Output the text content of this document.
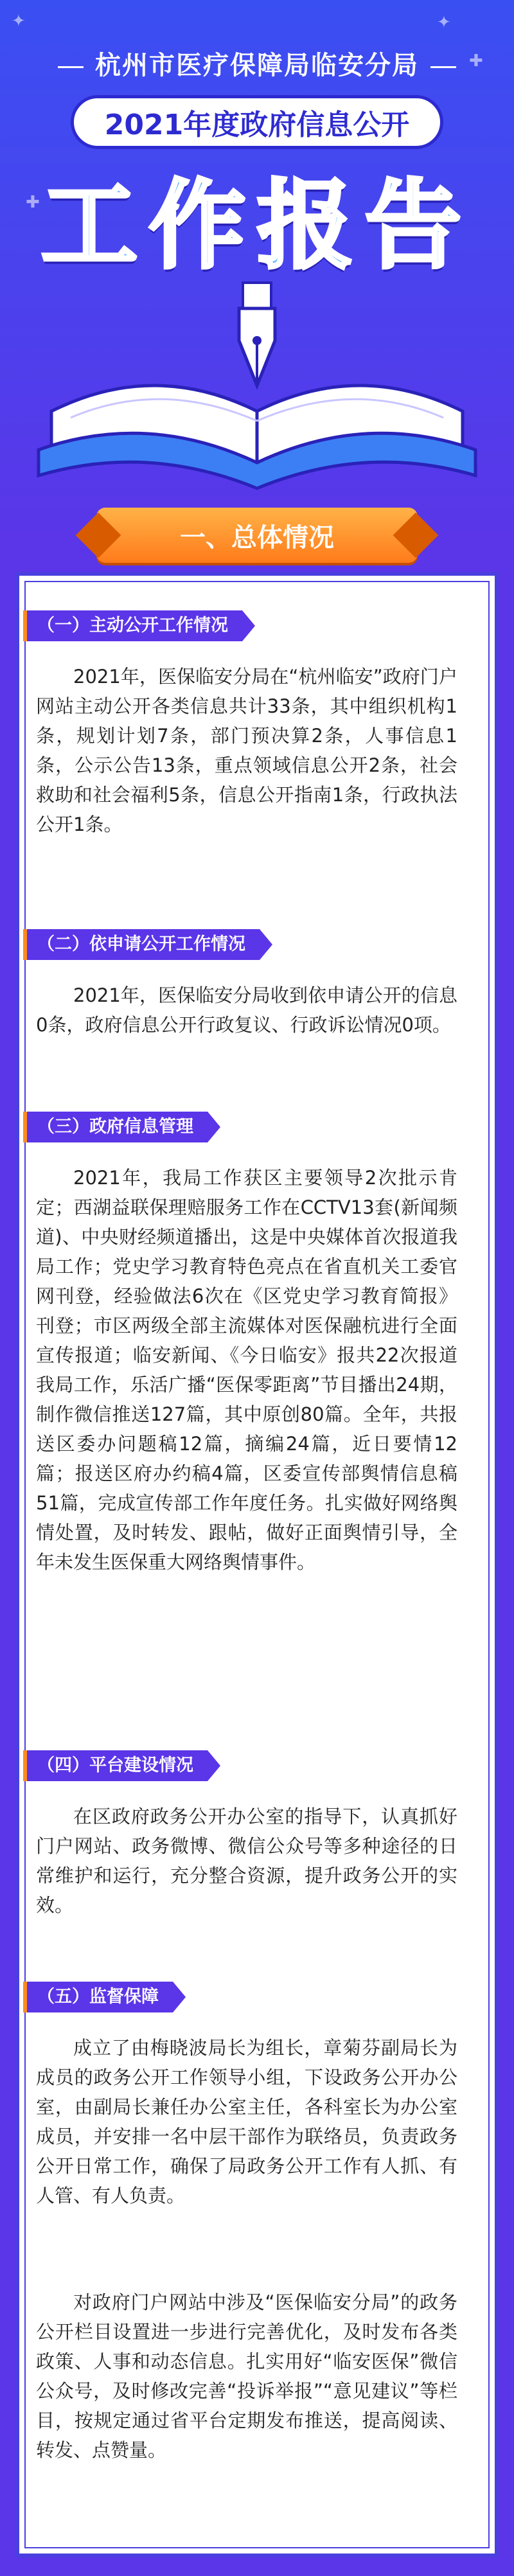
✦
✚
✦
✚
杭州市医疗保障局临安分局
2021年度政府信息公开
工作报告
一、总体情况
（一）主动公开工作情况

2021年，医保临安分局在“杭州临安”政府门户网站主动公开各类信息共计33条，其中组织机构1条，规划计划7条，部门预决算2条，人事信息1条，公示公告13条，重点领域信息公开2条，社会救助和社会福利5条，信息公开指南1条，行政执法公开1条。

（二）依申请公开工作情况

2021年，医保临安分局收到依申请公开的信息0条，政府信息公开行政复议、行政诉讼情况0项。

（三）政府信息管理

2021年，我局工作获区主要领导2次批示肯定；西湖益联保理赔服务工作在CCTV13套(新闻频道)、中央财经频道播出，这是中央媒体首次报道我局工作；党史学习教育特色亮点在省直机关工委官网刊登，经验做法6次在《区党史学习教育简报》刊登；市区两级全部主流媒体对医保融杭进行全面宣传报道；临安新闻、《今日临安》报共22次报道我局工作，乐活广播“医保零距离”节目播出24期，制作微信推送127篇，其中原创80篇。全年，共报送区委办问题稿12篇，摘编24篇，近日要情12篇；报送区府办约稿4篇，区委宣传部舆情信息稿51篇，完成宣传部工作年度任务。扎实做好网络舆情处置，及时转发、跟帖，做好正面舆情引导，全年未发生医保重大网络舆情事件。

（四）平台建设情况

在区政府政务公开办公室的指导下，认真抓好门户网站、政务微博、微信公众号等多种途径的日常维护和运行，充分整合资源，提升政务公开的实效。

（五）监督保障

成立了由梅晓波局长为组长，章菊芬副局长为成员的政务公开工作领导小组，下设政务公开办公室，由副局长兼任办公室主任，各科室长为办公室成员，并安排一名中层干部作为联络员，负责政务公开日常工作，确保了局政务公开工作有人抓、有人管、有人负责。

对政府门户网站中涉及“医保临安分局”的政务公开栏目设置进一步进行完善优化，及时发布各类政策、人事和动态信息。扎实用好“临安医保”微信公众号，及时修改完善“投诉举报”“意见建议”等栏目，按规定通过省平台定期发布推送，提高阅读、转发、点赞量。
